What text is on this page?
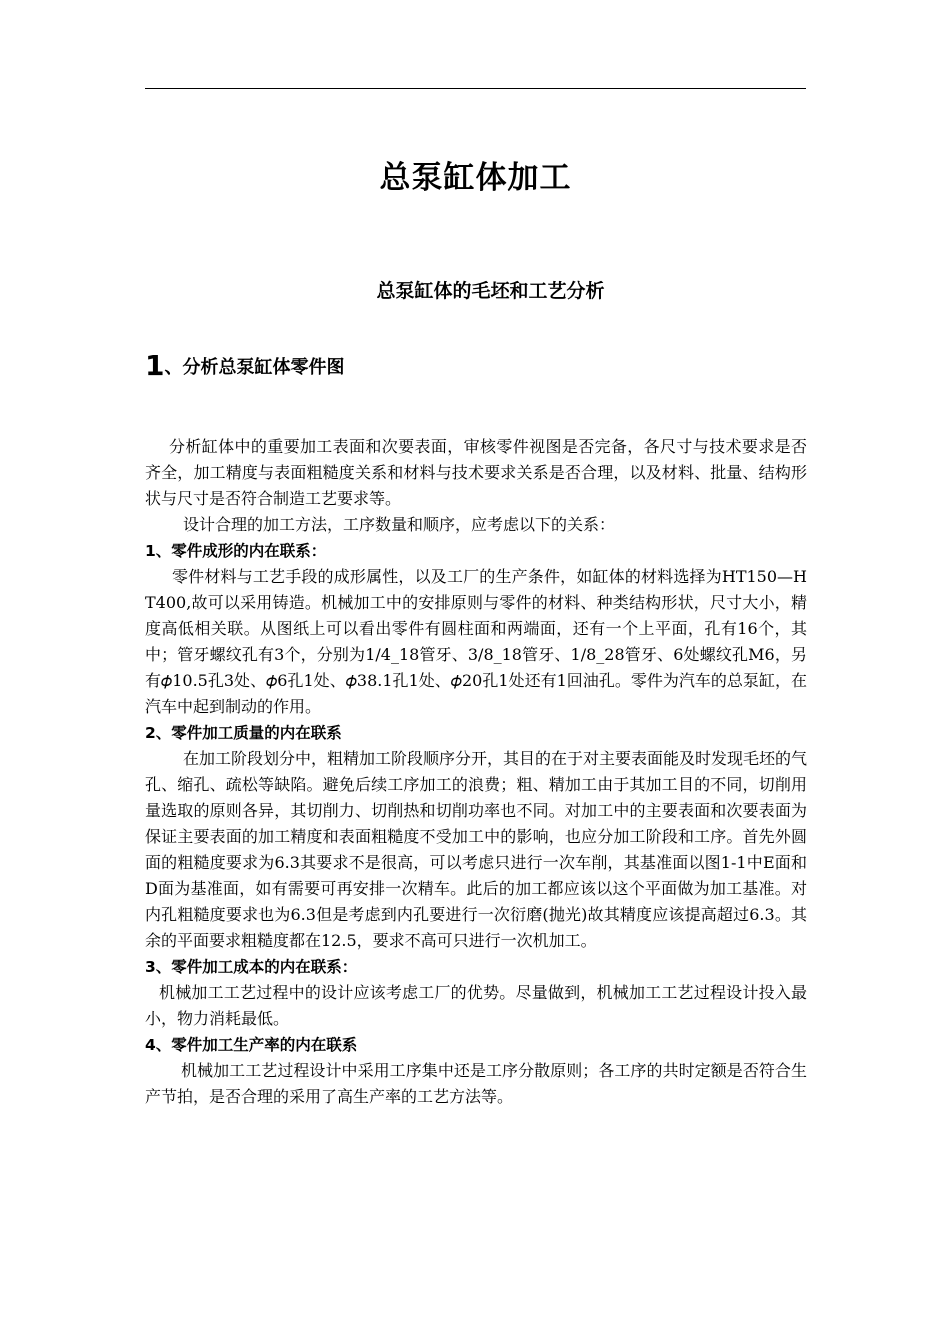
总泵缸体加工
总泵缸体的毛坯和工艺分析
1、分析总泵缸体零件图

分析缸体中的重要加工表面和次要表面，审核零件视图是否完备，各尺寸与技术要求是否齐全，加工精度与表面粗糙度关系和材料与技术要求关系是否合理，以及材料、批量、结构形状与尺寸是否符合制造工艺要求等。

设计合理的加工方法，工序数量和顺序，应考虑以下的关系：

1、零件成形的内在联系：

零件材料与工艺手段的成形属性，以及工厂的生产条件，如缸体的材料选择为HT150—HT400,故可以采用铸造。机械加工中的安排原则与零件的材料、种类结构形状，尺寸大小，精度高低相关联。从图纸上可以看出零件有圆柱面和两端面，还有一个上平面，孔有16个，其中；管牙螺纹孔有3个，分别为1/4_18管牙、3/8_18管牙、1/8_28管牙、6处螺纹孔M6，另有𝜙10.5孔3处、𝜙6孔1处、𝜙38.1孔1处、𝜙20孔1处还有1回油孔。零件为汽车的总泵缸，在汽车中起到制动的作用。

2、零件加工质量的内在联系

在加工阶段划分中，粗精加工阶段顺序分开，其目的在于对主要表面能及时发现毛坯的气孔、缩孔、疏松等缺陷。避免后续工序加工的浪费；粗、精加工由于其加工目的不同，切削用量选取的原则各异，其切削力、切削热和切削功率也不同。对加工中的主要表面和次要表面为保证主要表面的加工精度和表面粗糙度不受加工中的影响，也应分加工阶段和工序。首先外圆面的粗糙度要求为6.3其要求不是很高，可以考虑只进行一次车削，其基准面以图1-1中E面和D面为基准面，如有需要可再安排一次精车。此后的加工都应该以这个平面做为加工基准。对内孔粗糙度要求也为6.3但是考虑到内孔要进行一次衍磨(抛光)故其精度应该提高超过6.3。其余的平面要求粗糙度都在12.5，要求不高可只进行一次机加工。

3、零件加工成本的内在联系：

机械加工工艺过程中的设计应该考虑工厂的优势。尽量做到，机械加工工艺过程设计投入最小，物力消耗最低。

4、零件加工生产率的内在联系

机械加工工艺过程设计中采用工序集中还是工序分散原则；各工序的共时定额是否符合生产节拍，是否合理的采用了高生产率的工艺方法等。
